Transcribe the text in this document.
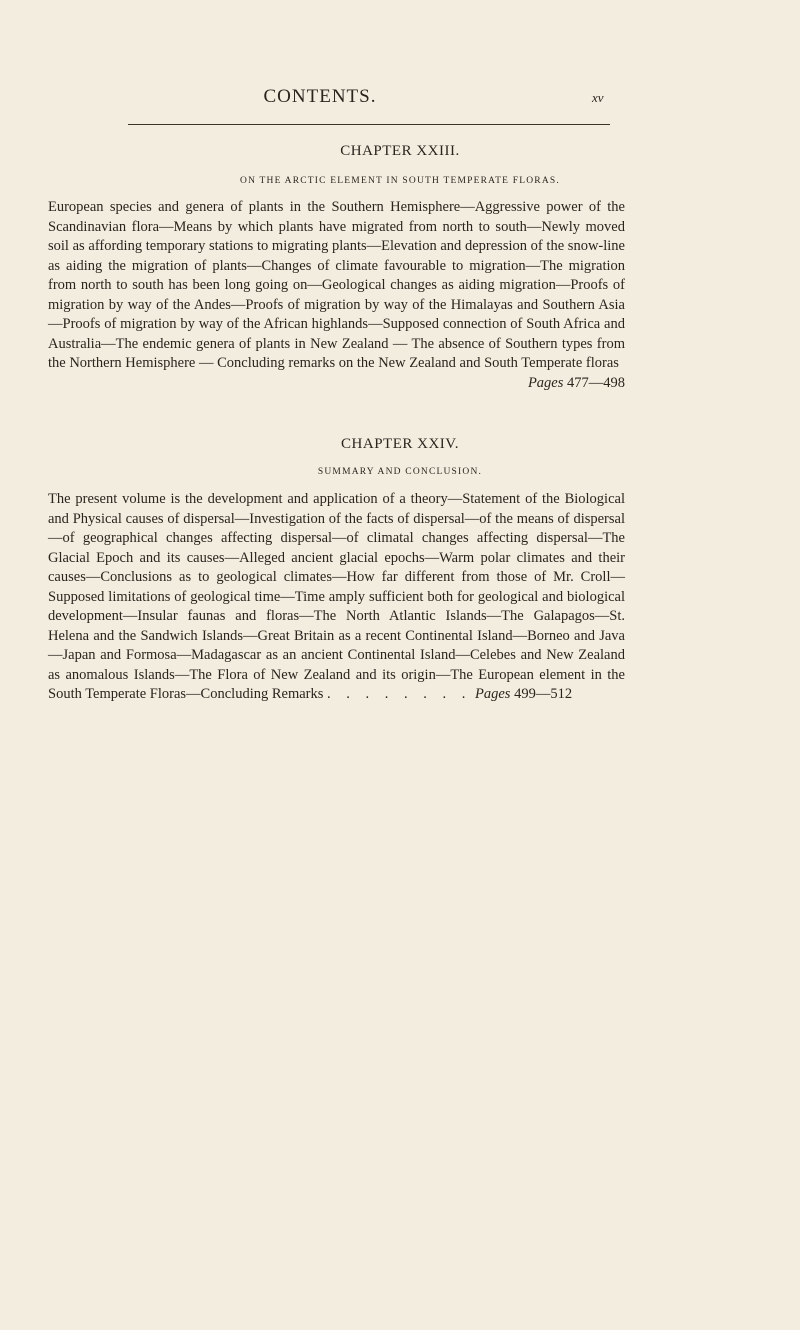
CONTENTS.	xv
CHAPTER XXIII.
ON THE ARCTIC ELEMENT IN SOUTH TEMPERATE FLORAS.
European species and genera of plants in the Southern Hemisphere—Aggressive power of the Scandinavian flora—Means by which plants have migrated from north to south—Newly moved soil as affording temporary stations to migrating plants—Elevation and depression of the snow-line as aiding the migration of plants—Changes of climate favourable to migration—The migration from north to south has been long going on—Geological changes as aiding migration—Proofs of migration by way of the Andes—Proofs of migration by way of the Himalayas and Southern Asia—Proofs of migration by way of the African highlands—Supposed connection of South Africa and Australia—The endemic genera of plants in New Zealand — The absence of Southern types from the Northern Hemisphere — Concluding remarks on the New Zealand and South Temperate floras
Pages 477—498
CHAPTER XXIV.
SUMMARY AND CONCLUSION.
The present volume is the development and application of a theory—Statement of the Biological and Physical causes of dispersal—Investigation of the facts of dispersal—of the means of dispersal—of geographical changes affecting dispersal—of climatal changes affecting dispersal—The Glacial Epoch and its causes—Alleged ancient glacial epochs—Warm polar climates and their causes—Conclusions as to geological climates—How far different from those of Mr. Croll—Supposed limitations of geological time—Time amply sufficient both for geological and biological development—Insular faunas and floras—The North Atlantic Islands—The Galapagos—St. Helena and the Sandwich Islands—Great Britain as a recent Continental Island—Borneo and Java—Japan and Formosa—Madagascar as an ancient Continental Island—Celebes and New Zealand as anomalous Islands—The Flora of New Zealand and its origin—The European element in the South Temperate Floras—Concluding Remarks . . . . . . . . Pages 499—512
